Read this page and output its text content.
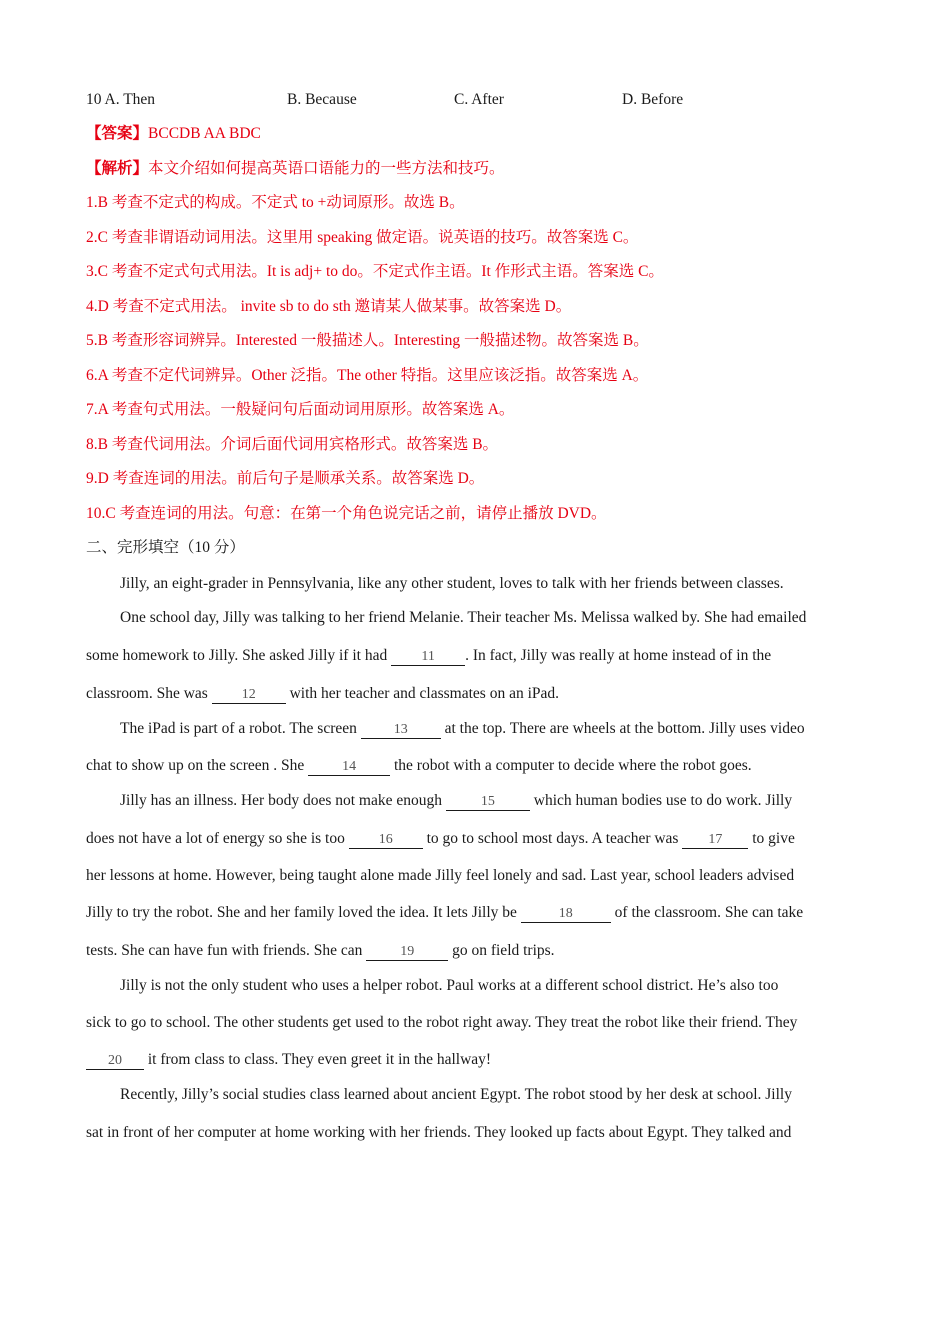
10 A. Then	B. Because	C. After	D. Before
【答案】BCCDB AA BDC
【解析】本文介绍如何提高英语口语能力的一些方法和技巧。
1.B 考查不定式的构成。不定式 to +动词原形。故选 B。
2.C 考查非谓语动词用法。这里用 speaking 做定语。说英语的技巧。故答案选 C。
3.C 考查不定式句式用法。It is adj+ to do。不定式作主语。It 作形式主语。答案选 C。
4.D 考查不定式用法。 invite sb to do sth 邀请某人做某事。故答案选 D。
5.B 考查形容词辨异。Interested 一般描述人。Interesting 一般描述物。故答案选 B。
6.A 考查不定代词辨异。Other 泛指。The other 特指。这里应该泛指。故答案选 A。
7.A 考查句式用法。一般疑问句后面动词用原形。故答案选 A。
8.B 考查代词用法。介词后面代词用宾格形式。故答案选 B。
9.D 考查连词的用法。前后句子是顺承关系。故答案选 D。
10.C 考查连词的用法。句意：在第一个角色说完话之前，请停止播放 DVD。
二、完形填空（10 分）
Jilly, an eight-grader in Pennsylvania, like any other student, loves to talk with her friends between classes.
One school day, Jilly was talking to her friend Melanie. Their teacher Ms. Melissa walked by. She had emailed
some homework to Jilly. She asked Jilly if it had 11 . In fact, Jilly was really at home instead of in the
classroom. She was 12 with her teacher and classmates on an iPad.
The iPad is part of a robot. The screen	13 at the top. There are wheels at the bottom. Jilly uses video
chat to show up on the screen . She	14 the robot with a computer to decide where the robot goes.
Jilly has an illness. Her body does not make enough	15	which human bodies use to do work. Jilly
does not have a lot of energy so she is too 16 to go to school most days. A teacher was 17 to give
her lessons at home. However, being taught alone made Jilly feel lonely and sad. Last year, school leaders advised
Jilly to try the robot. She and her family loved the idea. It lets Jilly be	18	of the classroom. She can take
tests. She can have fun with friends. She can	19 go on field trips.
Jilly is not the only student who uses a helper robot. Paul works at a different school district. He’s also too
sick to go to school. The other students get used to the robot right away. They treat the robot like their friend. They
20 it from class to class. They even greet it in the hallway!
Recently, Jilly’s social studies class learned about ancient Egypt. The robot stood by her desk at school. Jilly
sat in front of her computer at home working with her friends. They looked up facts about Egypt. They talked and
